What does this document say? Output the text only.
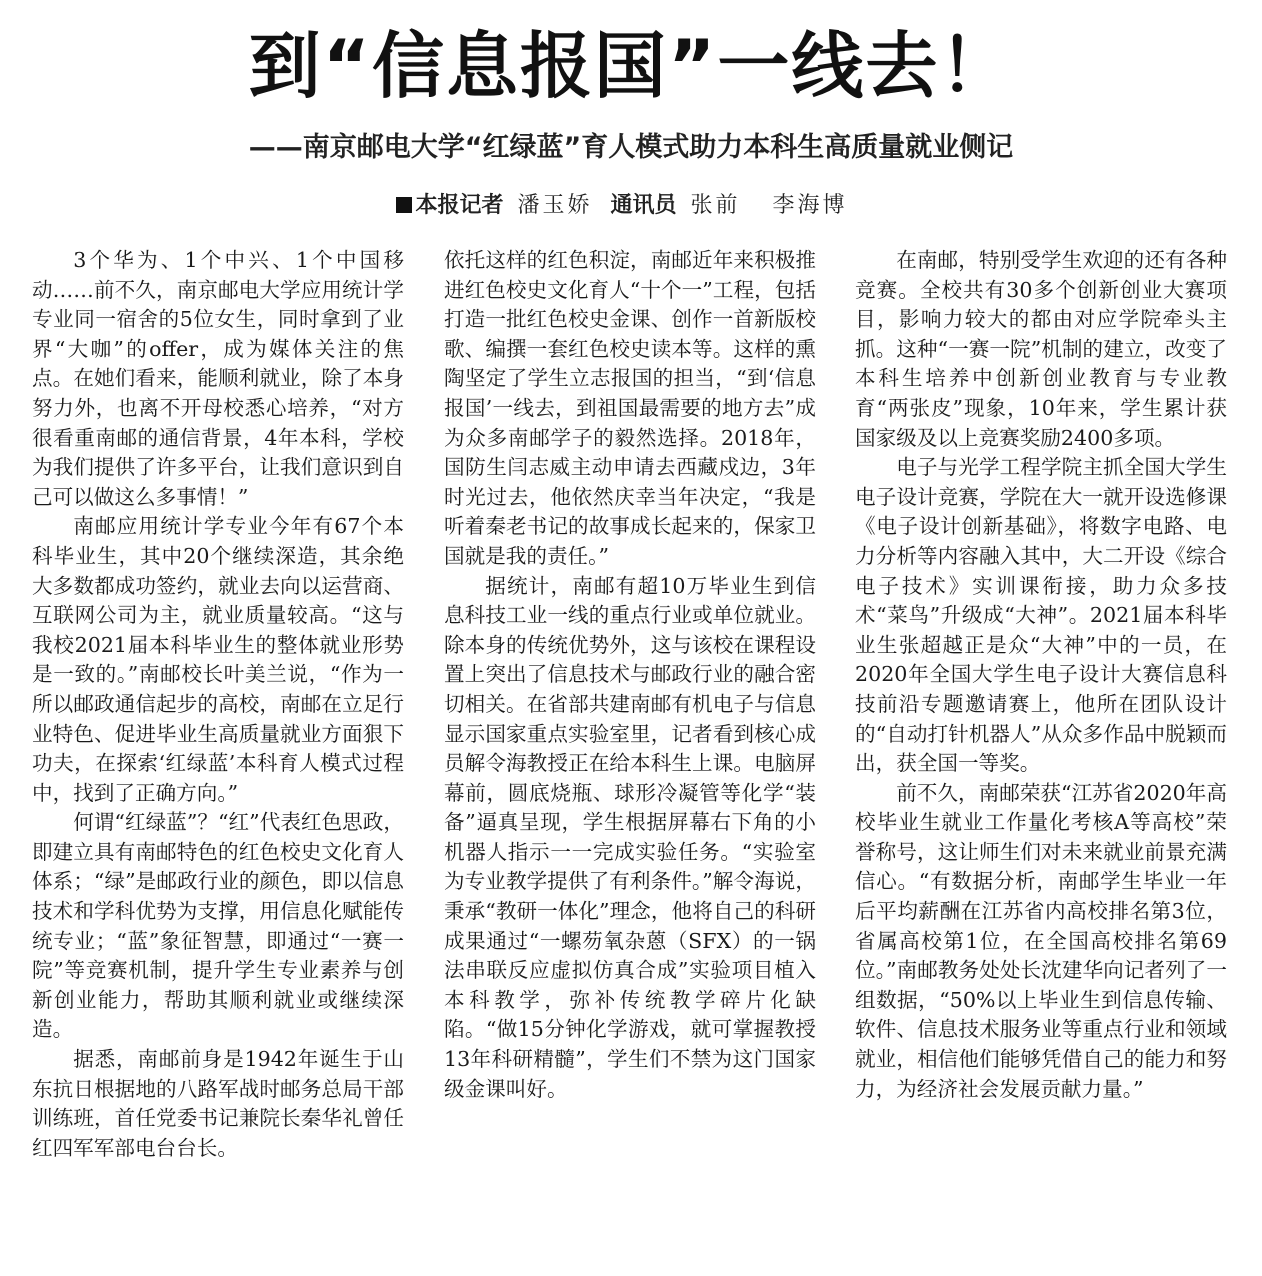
到“信息报国”一线去！
——南京邮电大学“红绿蓝”育人模式助力本科生高质量就业侧记
本报记者 潘玉娇 通讯员 张前 李海博

3个华为、1个中兴、1个中国移动……前不久，南京邮电大学应用统计学专业同一宿舍的5位女生，同时拿到了业界“大咖”的offer，成为媒体关注的焦点。在她们看来，能顺利就业，除了本身努力外，也离不开母校悉心培养，“对方很看重南邮的通信背景，4年本科，学校为我们提供了许多平台，让我们意识到自己可以做这么多事情！”

南邮应用统计学专业今年有67个本科毕业生，其中20个继续深造，其余绝大多数都成功签约，就业去向以运营商、互联网公司为主，就业质量较高。“这与我校2021届本科毕业生的整体就业形势是一致的。”南邮校长叶美兰说，“作为一所以邮政通信起步的高校，南邮在立足行业特色、促进毕业生高质量就业方面狠下功夫，在探索‘红绿蓝’本科育人模式过程中，找到了正确方向。”

何谓“红绿蓝”？“红”代表红色思政，即建立具有南邮特色的红色校史文化育人体系；“绿”是邮政行业的颜色，即以信息技术和学科优势为支撑，用信息化赋能传统专业；“蓝”象征智慧，即通过“一赛一院”等竞赛机制，提升学生专业素养与创新创业能力，帮助其顺利就业或继续深造。

据悉，南邮前身是1942年诞生于山东抗日根据地的八路军战时邮务总局干部训练班，首任党委书记兼院长秦华礼曾任红四军军部电台台长。

依托这样的红色积淀，南邮近年来积极推进红色校史文化育人“十个一”工程，包括打造一批红色校史金课、创作一首新版校歌、编撰一套红色校史读本等。这样的熏陶坚定了学生立志报国的担当，“到‘信息报国’一线去，到祖国最需要的地方去”成为众多南邮学子的毅然选择。2018年，国防生闫志威主动申请去西藏戍边，3年时光过去，他依然庆幸当年决定，“我是听着秦老书记的故事成长起来的，保家卫国就是我的责任。”

据统计，南邮有超10万毕业生到信息科技工业一线的重点行业或单位就业。除本身的传统优势外，这与该校在课程设置上突出了信息技术与邮政行业的融合密切相关。在省部共建南邮有机电子与信息显示国家重点实验室里，记者看到核心成员解令海教授正在给本科生上课。电脑屏幕前，圆底烧瓶、球形冷凝管等化学“装备”逼真呈现，学生根据屏幕右下角的小机器人指示一一完成实验任务。“实验室为专业教学提供了有利条件。”解令海说，秉承“教研一体化”理念，他将自己的科研成果通过“一螺芴氧杂蒽（SFX）的一锅法串联反应虚拟仿真合成”实验项目植入本科教学，弥补传统教学碎片化缺陷。“做15分钟化学游戏，就可掌握教授13年科研精髓”，学生们不禁为这门国家级金课叫好。

在南邮，特别受学生欢迎的还有各种竞赛。全校共有30多个创新创业大赛项目，影响力较大的都由对应学院牵头主抓。这种“一赛一院”机制的建立，改变了本科生培养中创新创业教育与专业教育“两张皮”现象，10年来，学生累计获国家级及以上竞赛奖励2400多项。

电子与光学工程学院主抓全国大学生电子设计竞赛，学院在大一就开设选修课《电子设计创新基础》，将数字电路、电力分析等内容融入其中，大二开设《综合电子技术》实训课衔接，助力众多技术“菜鸟”升级成“大神”。2021届本科毕业生张超越正是众“大神”中的一员，在2020年全国大学生电子设计大赛信息科技前沿专题邀请赛上，他所在团队设计的“自动打针机器人”从众多作品中脱颖而出，获全国一等奖。

前不久，南邮荣获“江苏省2020年高校毕业生就业工作量化考核A等高校”荣誉称号，这让师生们对未来就业前景充满信心。“有数据分析，南邮学生毕业一年后平均薪酬在江苏省内高校排名第3位，省属高校第1位，在全国高校排名第69位。”南邮教务处处长沈建华向记者列了一组数据，“50%以上毕业生到信息传输、软件、信息技术服务业等重点行业和领域就业，相信他们能够凭借自己的能力和努力，为经济社会发展贡献力量。”
